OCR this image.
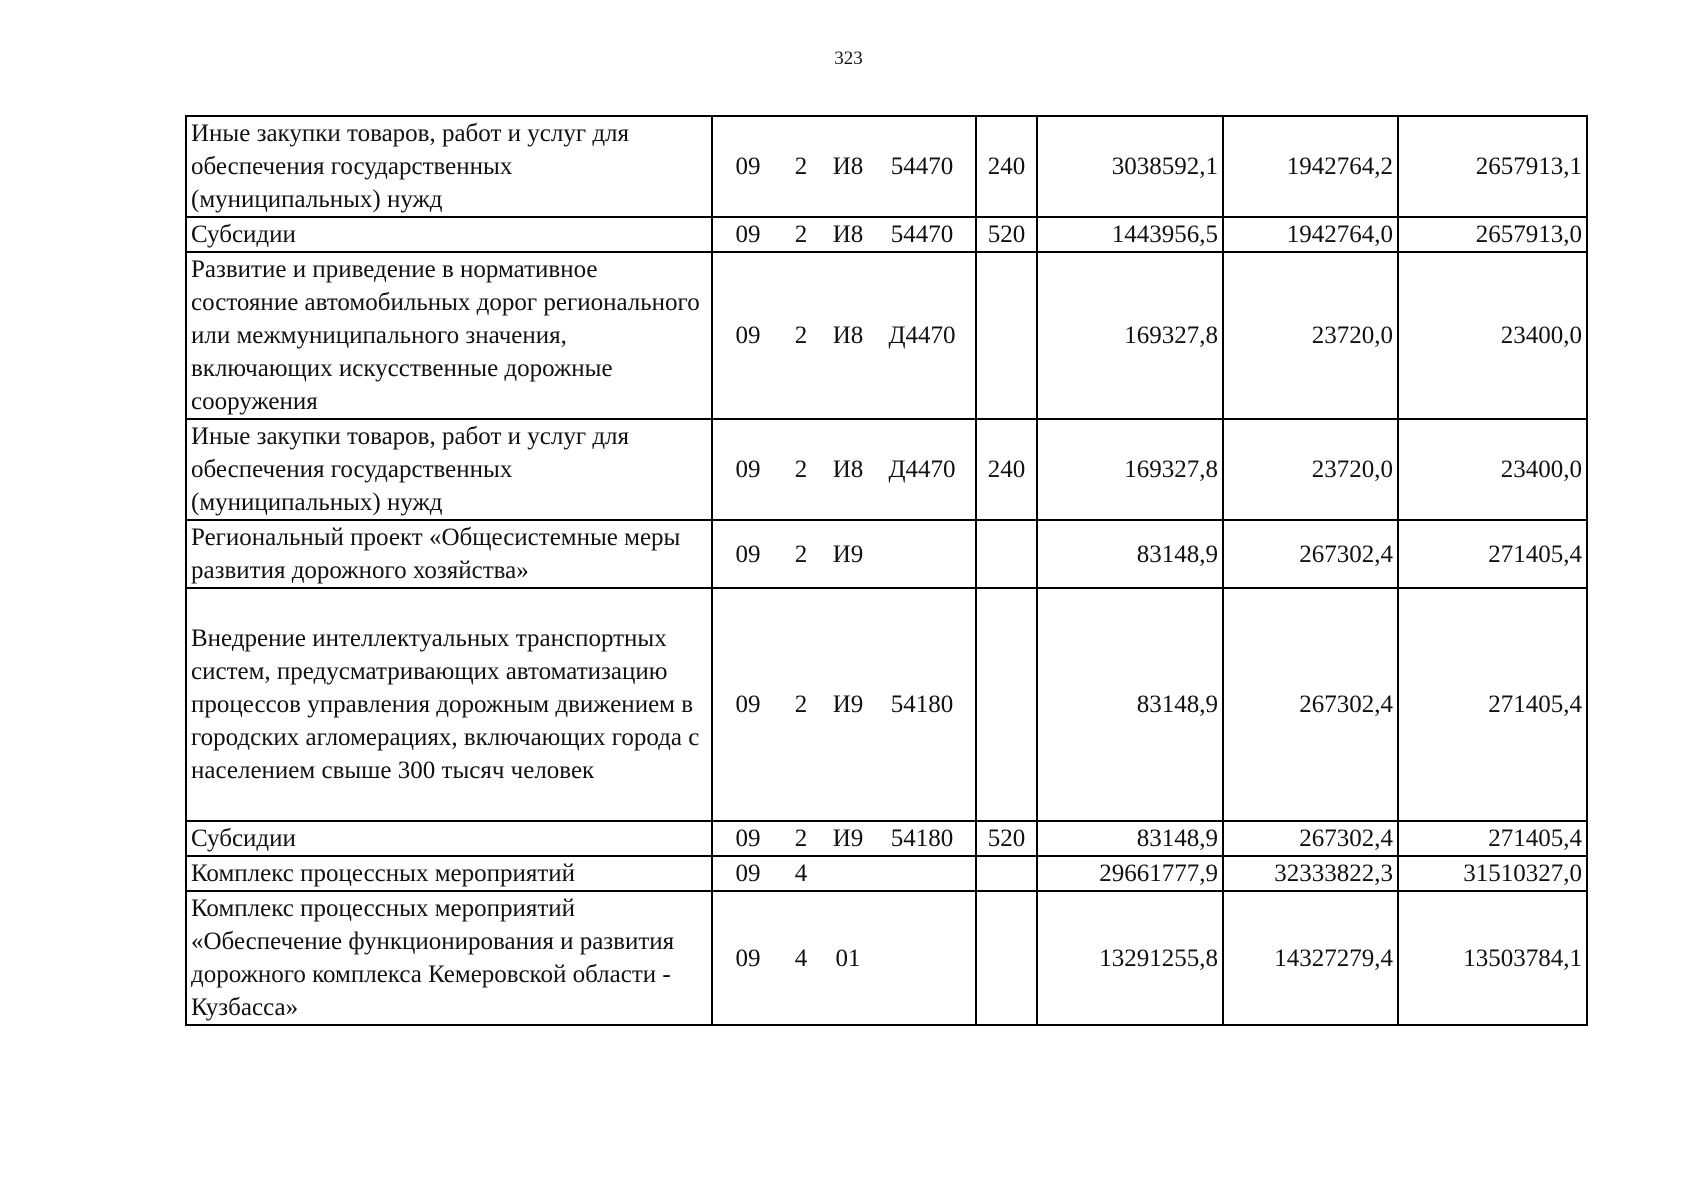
323
Иные закупки товаров, работ и услуг для обеспечения государственных (муниципальных) нужд	09 2 И8 54470	240	3038592,1	1942764,2	2657913,1
Субсидии	09 2 И8 54470	520	1443956,5	1942764,0	2657913,0
Развитие и приведение в нормативное состояние автомобильных дорог регионального или межмуниципального значения, включающих искусственные дорожные сооружения	09 2 И8 Д4470		169327,8	23720,0	23400,0
Иные закупки товаров, работ и услуг для обеспечения государственных (муниципальных) нужд	09 2 И8 Д4470	240	169327,8	23720,0	23400,0
Региональный проект «Общесистемные меры развития дорожного хозяйства»	09 2 И9		83148,9	267302,4	271405,4
Внедрение интеллектуальных транспортных систем, предусматривающих автоматизацию процессов управления дорожным движением в городских агломерациях, включающих города с населением свыше 300 тысяч человек	09 2 И9 54180		83148,9	267302,4	271405,4
Субсидии	09 2 И9 54180	520	83148,9	267302,4	271405,4
Комплекс процессных мероприятий	09 4		29661777,9	32333822,3	31510327,0
Комплекс процессных мероприятий «Обеспечение функционирования и развития дорожного комплекса Кемеровской области - Кузбасса»	09 4 01		13291255,8	14327279,4	13503784,1
